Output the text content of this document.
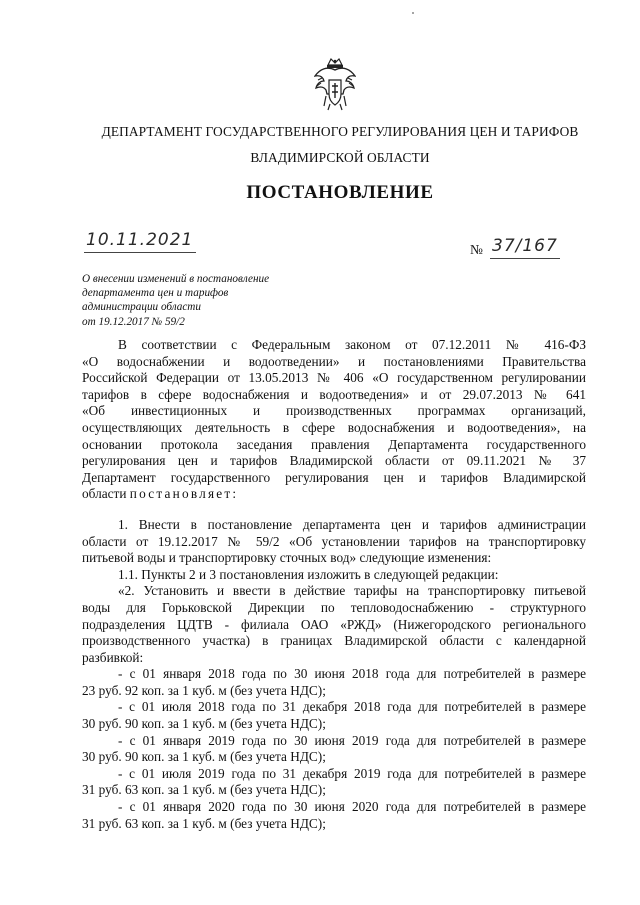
ДЕПАРТАМЕНТ ГОСУДАРСТВЕННОГО РЕГУЛИРОВАНИЯ ЦЕН И ТАРИФОВ
ВЛАДИМИРСКОЙ ОБЛАСТИ
ПОСТАНОВЛЕНИЕ
10.11.2021	№ 37/167
О внесении изменений в постановление
департамента цен и тарифов
администрации области
от 19.12.2017 № 59/2

В соответствии с Федеральным законом от 07.12.2011 № 416-ФЗ

«О водоснабжении и водоотведении» и постановлениями Правительства

Российской Федерации от 13.05.2013 № 406 «О государственном регулировании

тарифов в сфере водоснабжения и водоотведения» и от 29.07.2013 № 641

«Об инвестиционных и производственных программах организаций,

осуществляющих деятельность в сфере водоснабжения и водоотведения», на

основании протокола заседания правления Департамента государственного

регулирования цен и тарифов Владимирской области от 09.11.2021 № 37

Департамент государственного регулирования цен и тарифов Владимирской

области постановляет:

1. Внести в постановление департамента цен и тарифов администрации

области от 19.12.2017 № 59/2 «Об установлении тарифов на транспортировку

питьевой воды и транспортировку сточных вод» следующие изменения:

1.1. Пункты 2 и 3 постановления изложить в следующей редакции:

«2. Установить и ввести в действие тарифы на транспортировку питьевой

воды для Горьковской Дирекции по тепловодоснабжению - структурного

подразделения ЦДТВ - филиала ОАО «РЖД» (Нижегородского регионального

производственного участка) в границах Владимирской области с календарной

разбивкой:

- с 01 января 2018 года по 30 июня 2018 года для потребителей в размере

23 руб. 92 коп. за 1 куб. м (без учета НДС);

- с 01 июля 2018 года по 31 декабря 2018 года для потребителей в размере

30 руб. 90 коп. за 1 куб. м (без учета НДС);

- с 01 января 2019 года по 30 июня 2019 года для потребителей в размере

30 руб. 90 коп. за 1 куб. м (без учета НДС);

- с 01 июля 2019 года по 31 декабря 2019 года для потребителей в размере

31 руб. 63 коп. за 1 куб. м (без учета НДС);

- с 01 января 2020 года по 30 июня 2020 года для потребителей в размере

31 руб. 63 коп. за 1 куб. м (без учета НДС);
